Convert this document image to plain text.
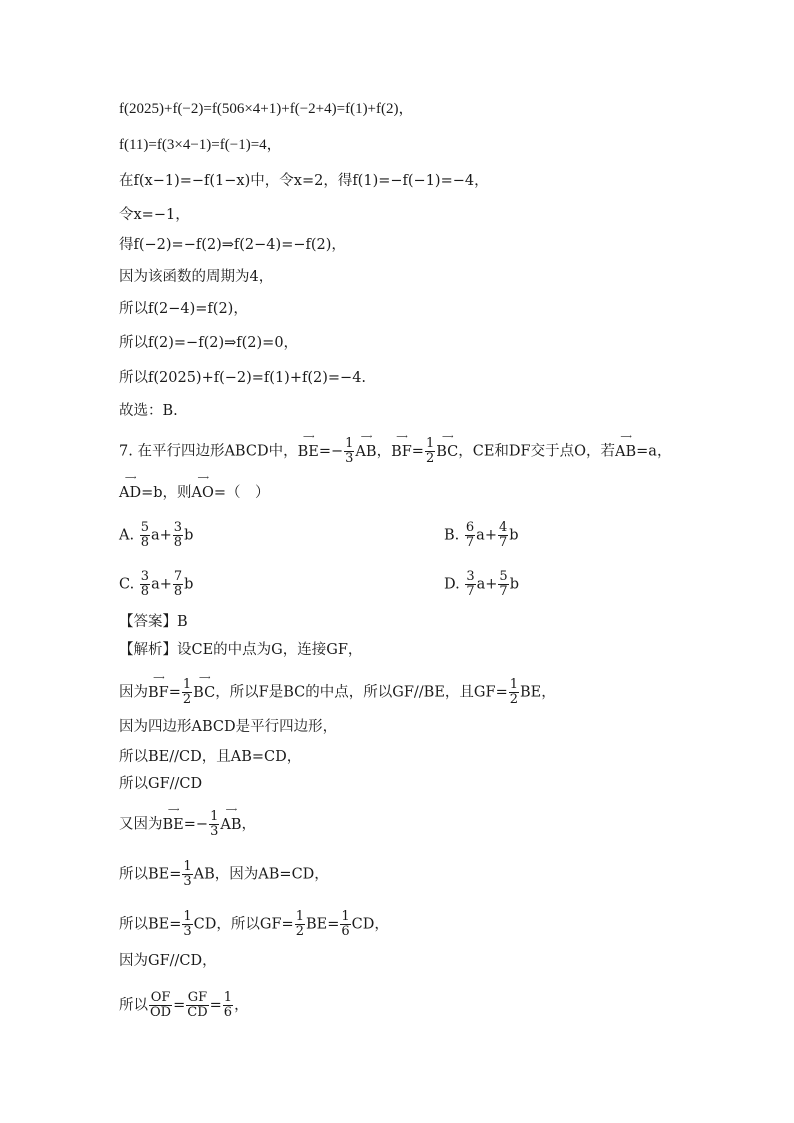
f(2025)+f(−2)=f(506×4+1)+f(−2+4)=f(1)+f(2)，
f(11)=f(3×4−1)=f(−1)=4，
在f(x−1)=−f(1−x)中，令x=2，得f(1)=−f(−1)=−4，
令x=−1，
得f(−2)=−f(2)⇒f(2−4)=−f(2)，
因为该函数的周期为4，
所以f(2−4)=f(2)，
所以f(2)=−f(2)⇒f(2)=0，
所以f(2025)+f(−2)=f(1)+f(2)=−4.
故选：B.
7. 在平行四边形ABCD中，
⟶
$BE=- \frac{1}{3}$
⟶
AB，
⟶
$BF= \frac{1}{2}$
⟶
BC，CE和DF交于点O，若
⟶
AB=a，
⟶
AD=b，则
⟶
AO=（　）
A. $\frac{5}{8} a+ \frac{3}{8}$ b	B. $\frac{6}{7} a+ \frac{4}{7}$ b
C. $\frac{3}{8} a+ \frac{7}{8}$ b	D. $\frac{3}{7} a+ \frac{5}{7}$ b
【答案】B
【解析】设CE的中点为G，连接GF，
因为
⟶
$BF= \frac{1}{2}$
⟶
BC，所以F是BC的中点，所以GF//BE，且$GF= \frac{1}{2}$ BE，
因为四边形ABCD是平行四边形，
所以BE//CD，且AB=CD，
所以GF//CD
又因为
⟶
$BE=- \frac{1}{3}$
⟶
AB，
所以$BE= \frac{1}{3}$ AB，因为AB=CD，
所以$BE= \frac{1}{3}$ CD，所以$GF= \frac{1}{2} BE= \frac{1}{6}$ CD，
因为GF//CD，
所以 $\frac{OF}{OD} = \frac{GF}{CD} = \frac{1}{6}$ ，
